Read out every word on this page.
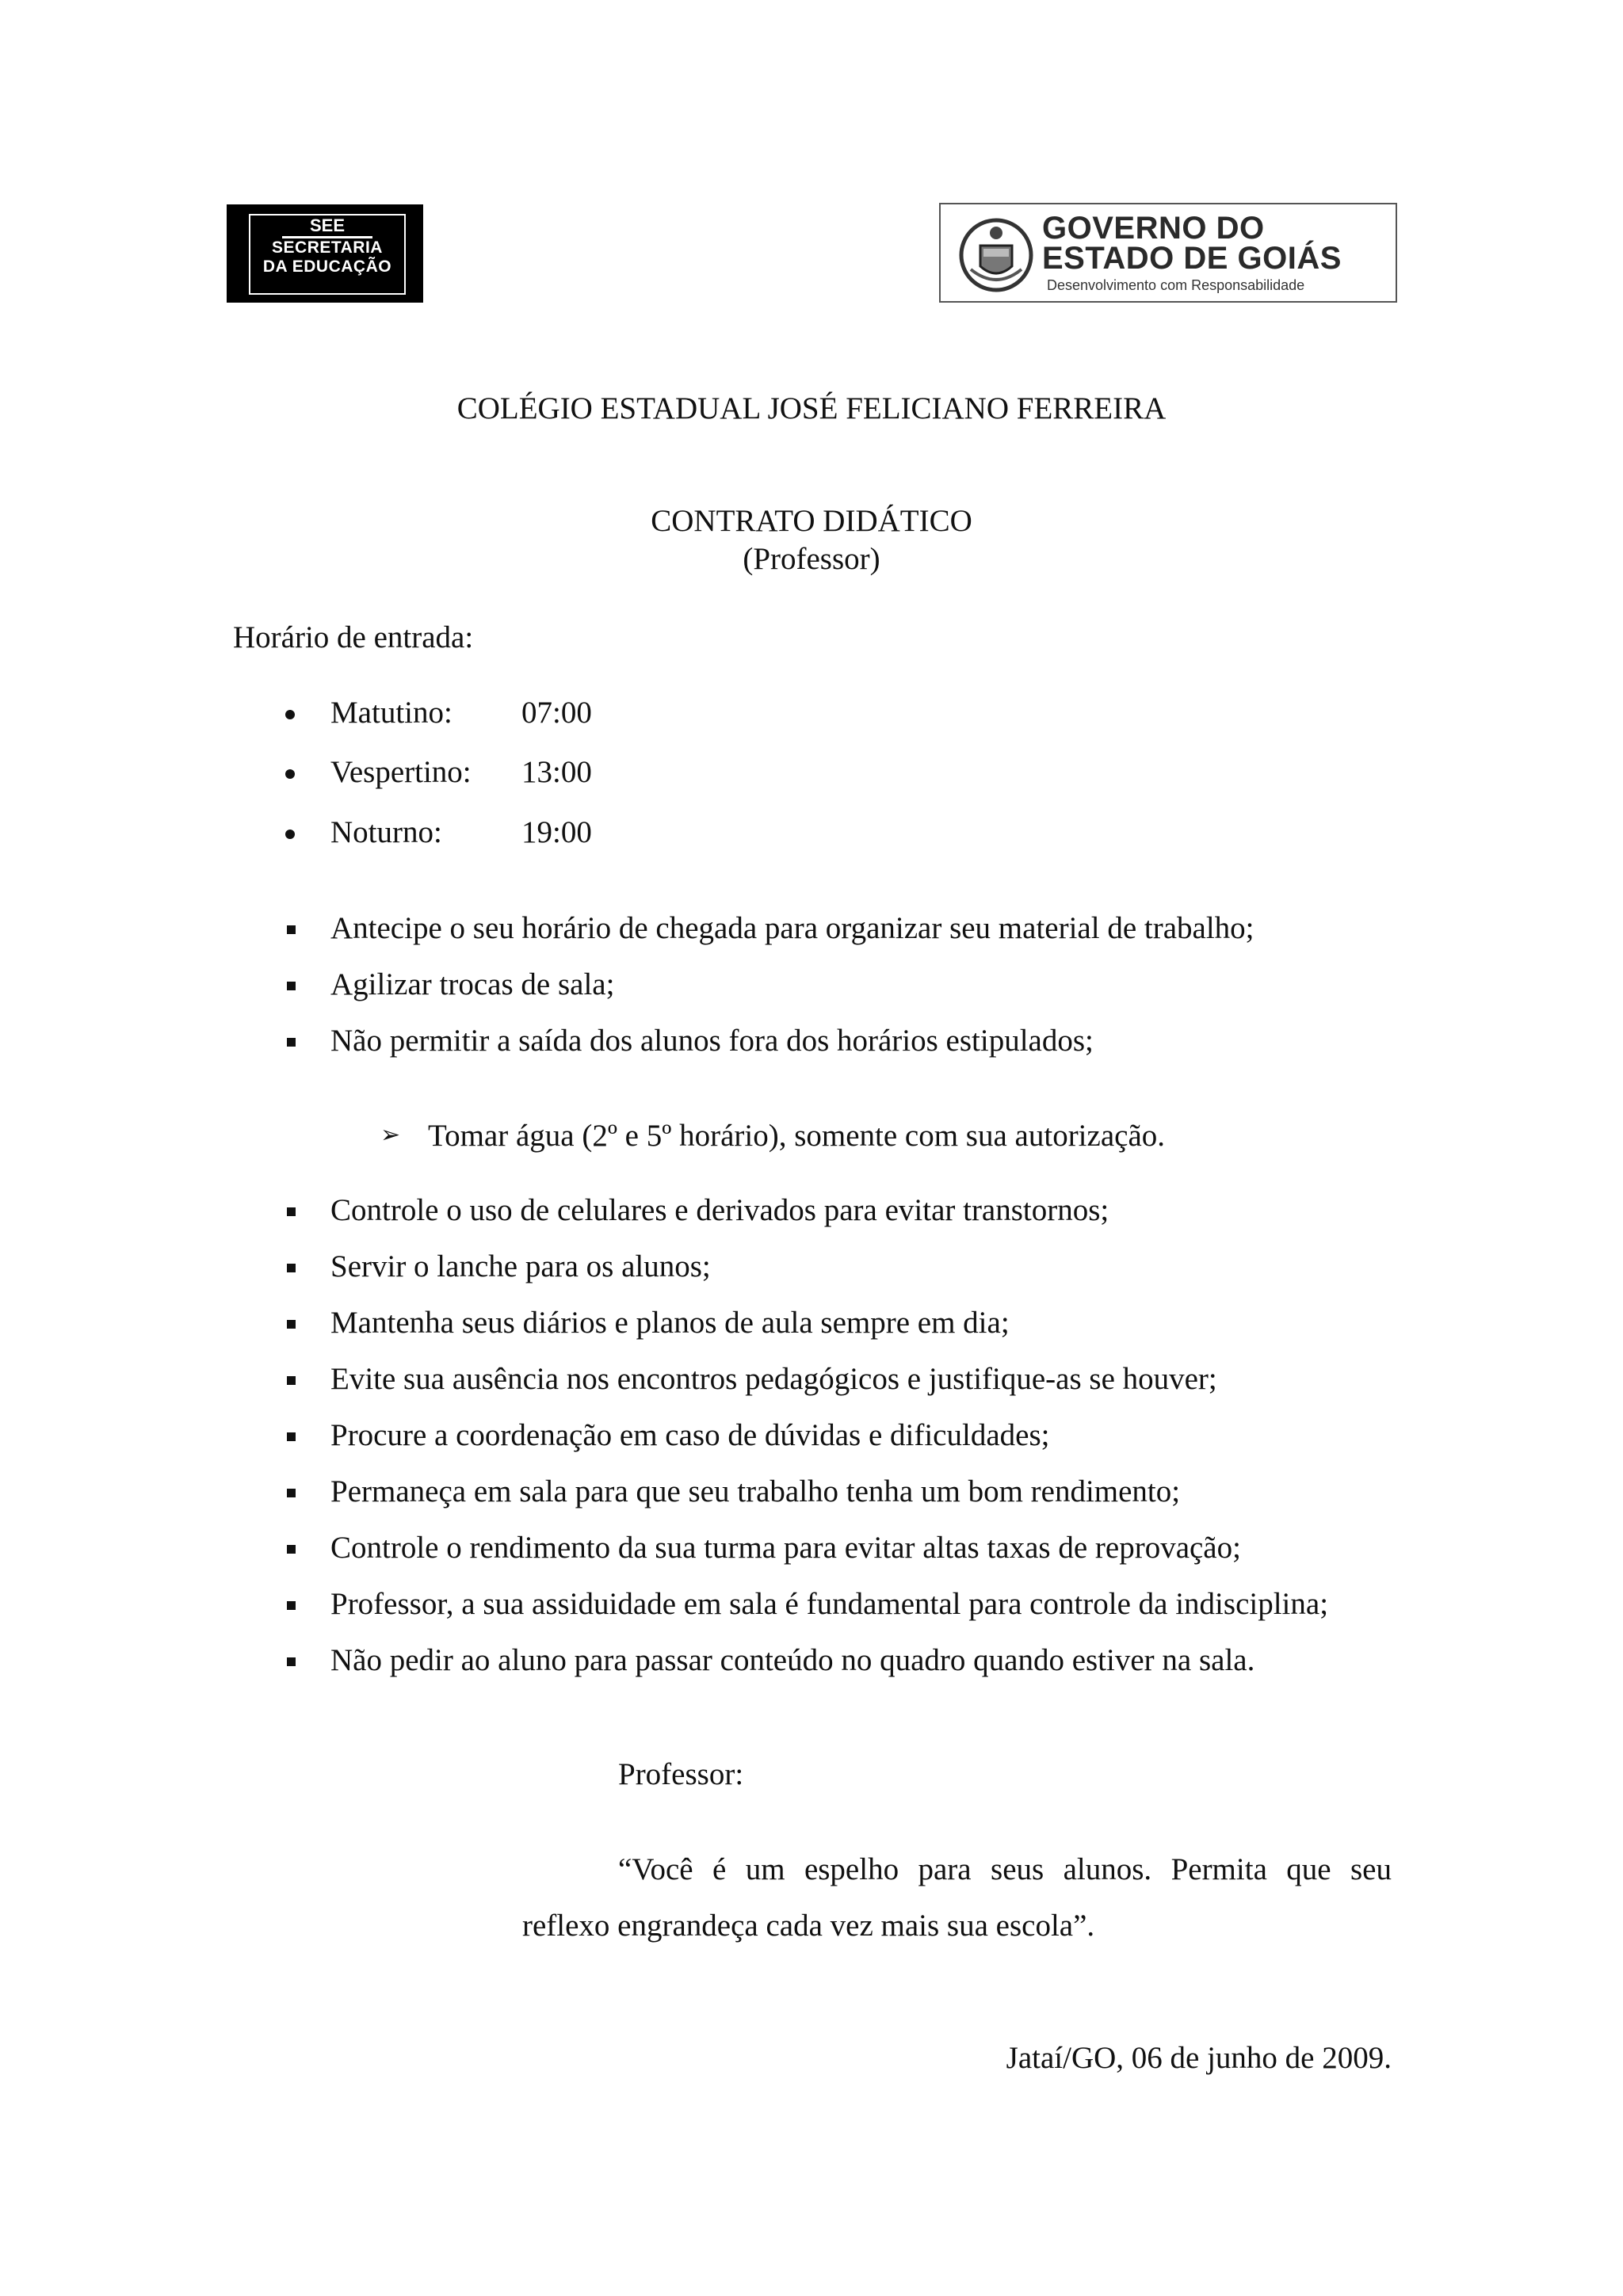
SEE
SECRETARIA
DA EDUCAÇÃO
GOVERNO DO
ESTADO DE GOIÁS
Desenvolvimento com Responsabilidade
COLÉGIO ESTADUAL JOSÉ FELICIANO FERREIRA
CONTRATO DIDÁTICO
(Professor)
Horário de entrada:
Matutino: 07:00
Vespertino: 13:00
Noturno:	19:00
Antecipe o seu horário de chegada para organizar seu material de trabalho;
Agilizar trocas de sala;
Não permitir a saída dos alunos fora dos horários estipulados;
➢ Tomar água (2º e 5º horário), somente com sua autorização.
Controle o uso de celulares e derivados para evitar transtornos;
Servir o lanche para os alunos;
Mantenha seus diários e planos de aula sempre em dia;
Evite sua ausência nos encontros pedagógicos e justifique-as se houver;
Procure a coordenação em caso de dúvidas e dificuldades;
Permaneça em sala para que seu trabalho tenha um bom rendimento;
Controle o rendimento da sua turma para evitar altas taxas de reprovação;
Professor, a sua assiduidade em sala é fundamental para controle da indisciplina;
Não pedir ao aluno para passar conteúdo no quadro quando estiver na sala.
Professor:
“Você é um espelho para seus alunos. Permita que seu
reflexo engrandeça cada vez mais sua escola”.
Jataí/GO, 06 de junho de 2009.
